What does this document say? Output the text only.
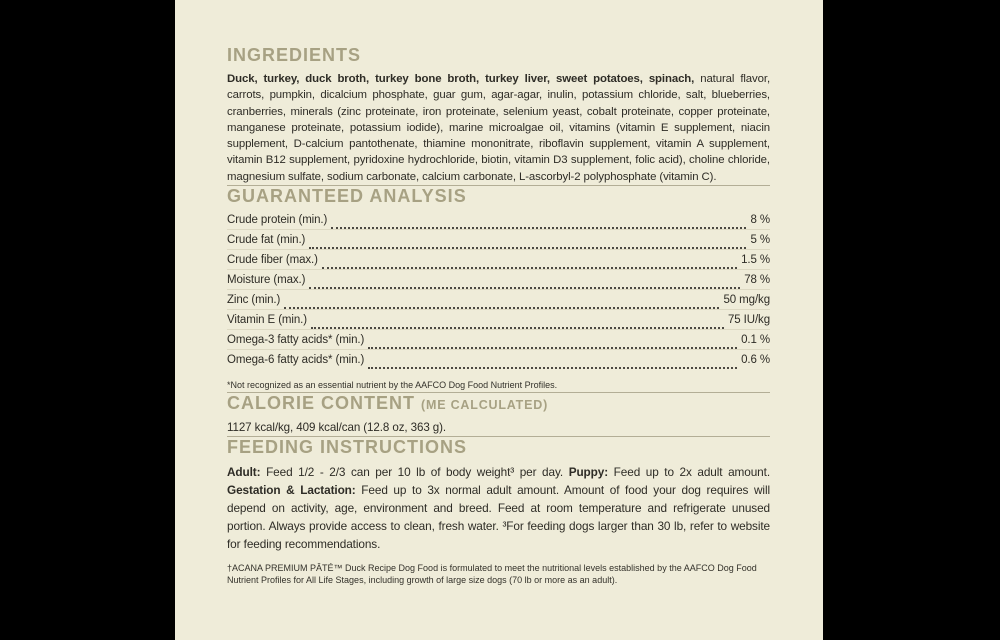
INGREDIENTS

Duck, turkey, duck broth, turkey bone broth, turkey liver, sweet potatoes, spinach, natural flavor, carrots, pumpkin, dicalcium phosphate, guar gum, agar-agar, inulin, potassium chloride, salt, blueberries, cranberries, minerals (zinc proteinate, iron proteinate, selenium yeast, cobalt proteinate, copper proteinate, manganese proteinate, potassium iodide), marine microalgae oil, vitamins (vitamin E supplement, niacin supplement, D-calcium pantothenate, thiamine mononitrate, riboflavin supplement, vitamin A supplement, vitamin B12 supplement, pyridoxine hydrochloride, biotin, vitamin D3 supplement, folic acid), choline chloride, magnesium sulfate, sodium carbonate, calcium carbonate, L-ascorbyl-2 polyphosphate (vitamin C).

GUARANTEED ANALYSIS
Crude protein (min.)	8 %
Crude fat (min.)	5 %
Crude fiber (max.)	1.5 %
Moisture (max.)	78 %
Zinc (min.)	50 mg/kg
Vitamin E (min.)	75 IU/kg
Omega-3 fatty acids* (min.)	0.1 %
Omega-6 fatty acids* (min.)	0.6 %

*Not recognized as an essential nutrient by the AAFCO Dog Food Nutrient Profiles.

CALORIE CONTENT (ME CALCULATED)

1127 kcal/kg, 409 kcal/can (12.8 oz, 363 g).

FEEDING INSTRUCTIONS

Adult: Feed 1/2 - 2/3 can per 10 lb of body weight³ per day. Puppy: Feed up to 2x adult amount. Gestation & Lactation: Feed up to 3x normal adult amount. Amount of food your dog requires will depend on activity, age, environment and breed. Feed at room temperature and refrigerate unused portion. Always provide access to clean, fresh water. ³For feeding dogs larger than 30 lb, refer to website for feeding recommendations.

†ACANA PREMIUM PÂTÉ™ Duck Recipe Dog Food is formulated to meet the nutritional levels established by the AAFCO Dog Food Nutrient Profiles for All Life Stages, including growth of large size dogs (70 lb or more as an adult).
